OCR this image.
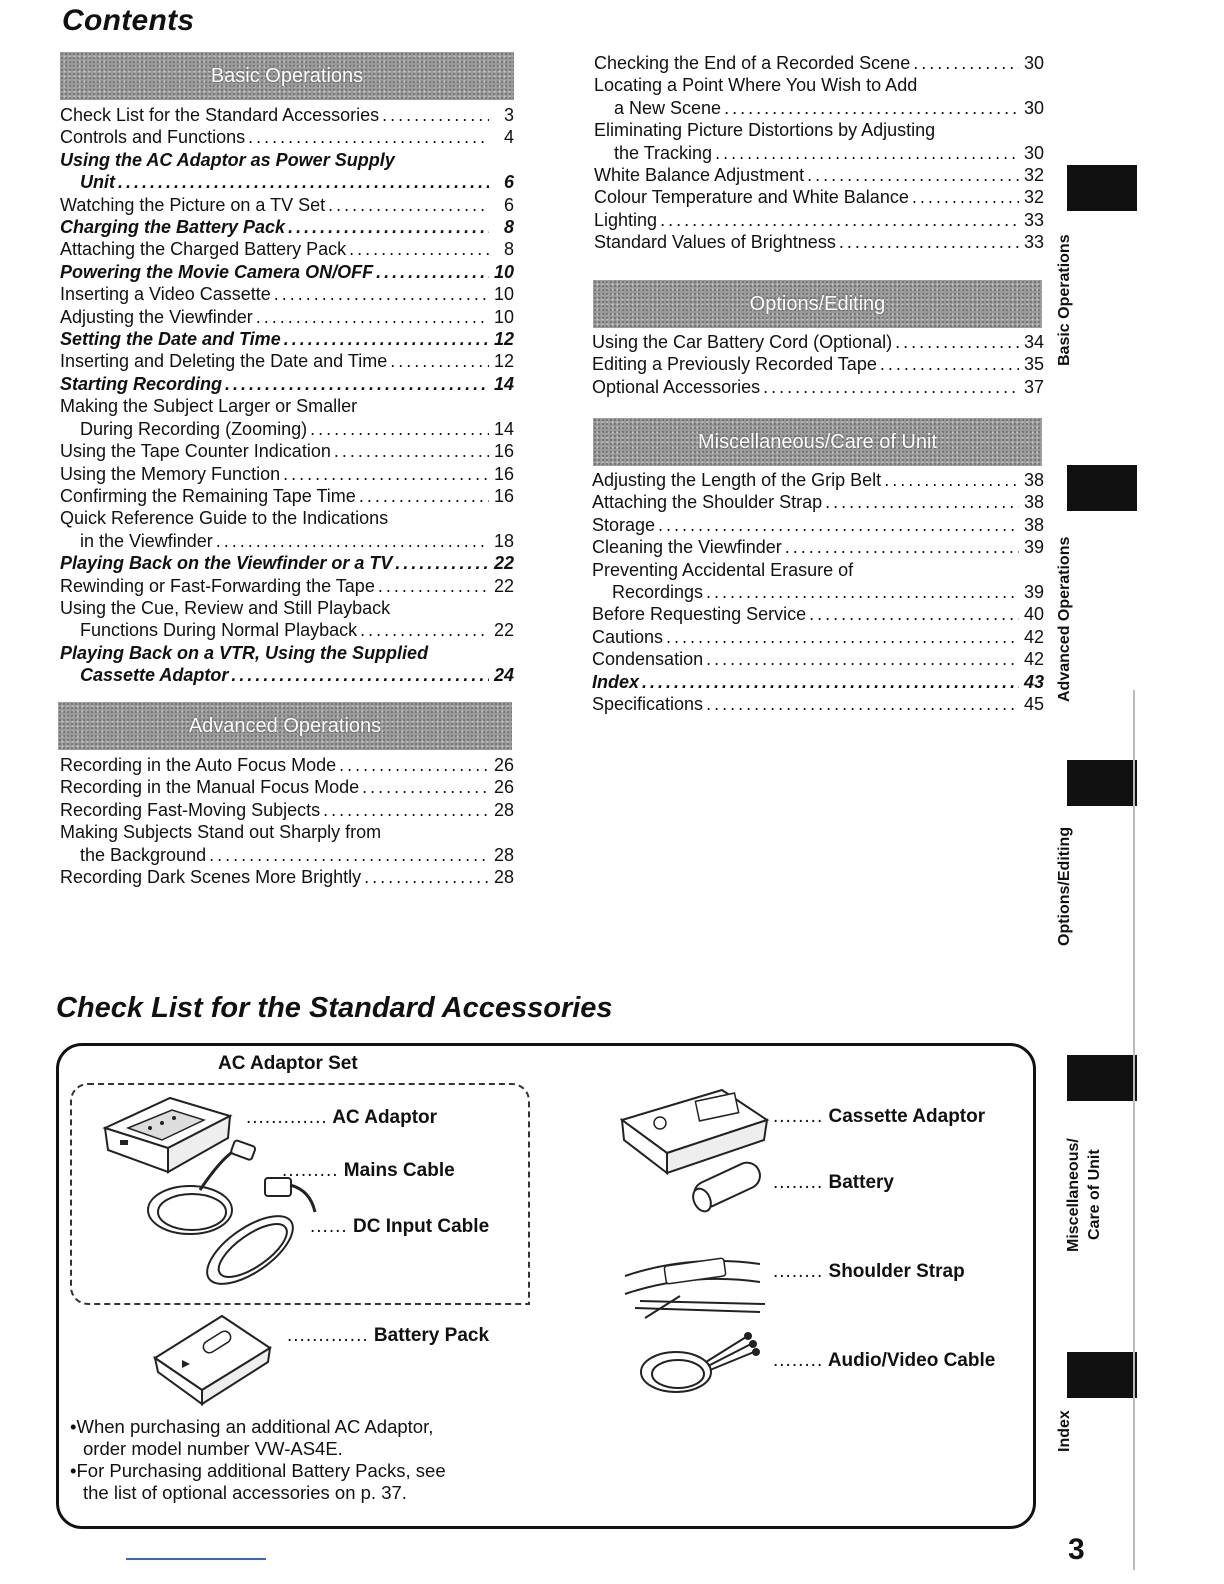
Contents
Basic Operations
Advanced Operations
Options/Editing
Miscellaneous/Care of Unit
Check List for the Standard Accessories . . .	3
Controls and Functions . . .	4
Using the AC Adaptor as Power Supply
Unit . . .	6
Watching the Picture on a TV Set . . .	6
Charging the Battery Pack . . .	8
Attaching the Charged Battery Pack . . .	8
Powering the Movie Camera ON/OFF . . .	10
Inserting a Video Cassette . . .	10
Adjusting the Viewfinder . . .	10
Setting the Date and Time . . .	12
Inserting and Deleting the Date and Time . . .	12
Starting Recording . . .	14
Making the Subject Larger or Smaller
During Recording (Zooming) . . .	14
Using the Tape Counter Indication . . .	16
Using the Memory Function . . .	16
Confirming the Remaining Tape Time . . .	16
Quick Reference Guide to the Indications
in the Viewfinder . . .	18
Playing Back on the Viewfinder or a TV . . .	22
Rewinding or Fast-Forwarding the Tape . . .	22
Using the Cue, Review and Still Playback
Functions During Normal Playback . . .	22
Playing Back on a VTR, Using the Supplied
Cassette Adaptor . . .	24
Recording in the Auto Focus Mode . . .	26
Recording in the Manual Focus Mode . . .	26
Recording Fast-Moving Subjects . . .	28
Making Subjects Stand out Sharply from
the Background . . .	28
Recording Dark Scenes More Brightly . . .	28
Checking the End of a Recorded Scene . . .	30
Locating a Point Where You Wish to Add
a New Scene . . .	30
Eliminating Picture Distortions by Adjusting
the Tracking . . .	30
White Balance Adjustment . . .	32
Colour Temperature and White Balance . . .	32
Lighting . . .	33
Standard Values of Brightness . . .	33
Using the Car Battery Cord (Optional) . . .	34
Editing a Previously Recorded Tape . . .	35
Optional Accessories . . .	37
Adjusting the Length of the Grip Belt . . .	38
Attaching the Shoulder Strap . . .	38
Storage . . .	38
Cleaning the Viewfinder . . .	39
Preventing Accidental Erasure of
Recordings . . .	39
Before Requesting Service . . .	40
Cautions . . .	42
Condensation . . .	42
Index . . .	43
Specifications . . .	45
Basic Operations
Advanced Operations
Options/Editing
Miscellaneous/ Care of Unit
Index
Check List for the Standard Accessories
AC Adaptor Set
............. AC Adaptor
......... Mains Cable
...... DC Input Cable
............. Battery Pack
........ Cassette Adaptor
........ Battery
........ Shoulder Strap
........ Audio/Video Cable

•When purchasing an additional AC Adaptor,

order model number VW-AS4E.

•For Purchasing additional Battery Packs, see

the list of optional accessories on p. 37.

3
